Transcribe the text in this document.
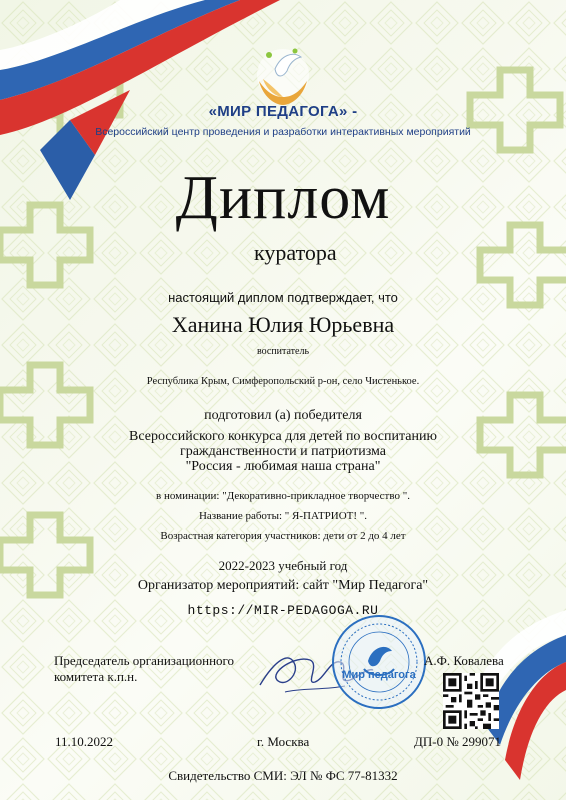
«МИР ПЕДАГОГА» -
Всероссийский центр проведения и разработки интерактивных мероприятий
Диплом
куратора
настоящий диплом подтверждает, что
Ханина Юлия Юрьевна
воспитатель
Республика Крым, Симферопольский р-он, село Чистенькое.
подготовил (а) победителя
Всероссийского конкурса для детей по воспитанию
гражданственности и патриотизма
"Россия - любимая наша страна"
в номинации: "Декоративно-прикладное творчество ".
Название работы: " Я-ПАТРИОТ! ".
Возрастная категория участников: дети от 2 до 4 лет
2022-2023 учебный год
Организатор мероприятий: сайт "Мир Педагога"
https://MIR-PEDAGOGA.RU
Председатель организационного
комитета к.п.н.	Мир педагога
А.Ф. Ковалева
11.10.2022	г. Москва	ДП-0 № 299071
Свидетельство СМИ: ЭЛ № ФС 77-81332
